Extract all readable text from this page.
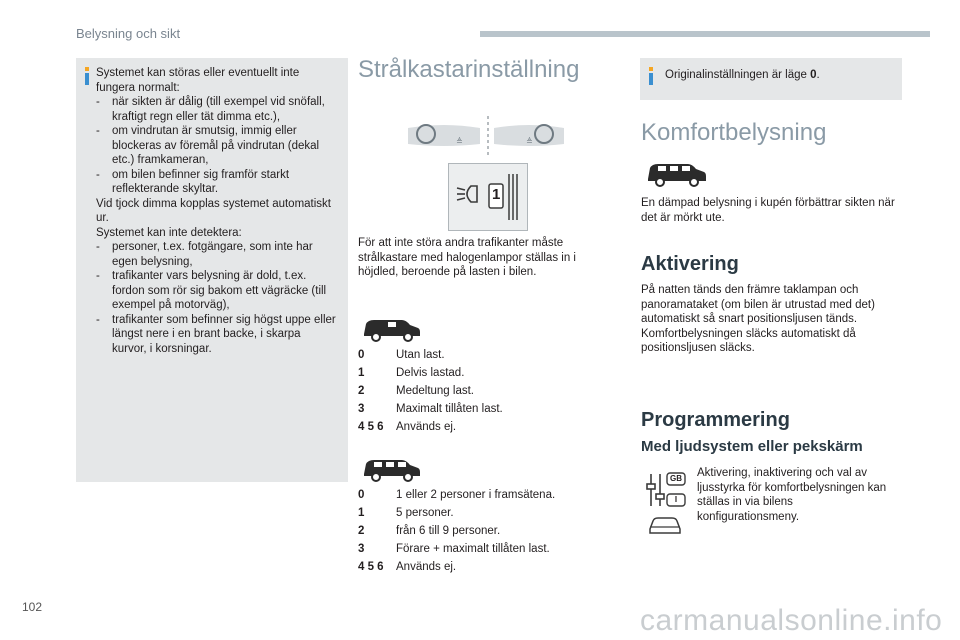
Belysning och sikt
Systemet kan störas eller eventuellt inte fungera normalt:
-	när sikten är dålig (till exempel vid snöfall, kraftigt regn eller tät dimma etc.),
-	om vindrutan är smutsig, immig eller blockeras av föremål på vindrutan (dekal etc.) framkameran,
-	om bilen befinner sig framför starkt reflekterande skyltar.
Vid tjock dimma kopplas systemet automatiskt ur.
Systemet kan inte detektera:
-	personer, t.ex. fotgängare, som inte har egen belysning,
-	trafikanter vars belysning är dold, t.ex. fordon som rör sig bakom ett vägräcke (till exempel på motorväg),
-	trafikanter som befinner sig högst uppe eller längst nere i en brant backe, i skarpa kurvor, i korsningar.
Strålkastarinställning
≜	≜
1
För att inte störa andra trafikanter måste strålkastare med halogenlampor ställas in i höjdled, beroende på lasten i bilen.
0	Utan last.
1	Delvis lastad.
2	Medeltung last.
3	Maximalt tillåten last.
4 5 6	Används ej.
0	1 eller 2 personer i framsätena.
1	5 personer.
2	från 6 till 9 personer.
3	Förare + maximalt tillåten last.
4 5 6	Används ej.
Originalinställningen är läge 0.
Komfortbelysning
En dämpad belysning i kupén förbättrar sikten när det är mörkt ute.
Aktivering
På natten tänds den främre taklampan och panoramataket (om bilen är utrustad med det) automatiskt så snart positionsljusen tänds. Komfortbelysningen släcks automatiskt då positionsljusen släcks.
Programmering
Med ljudsystem eller pekskärm
GB
I
Aktivering, inaktivering och val av ljusstyrka för komfortbelysningen kan ställas in via bilens konfigurationsmeny.
102	carmanualsonline.info
